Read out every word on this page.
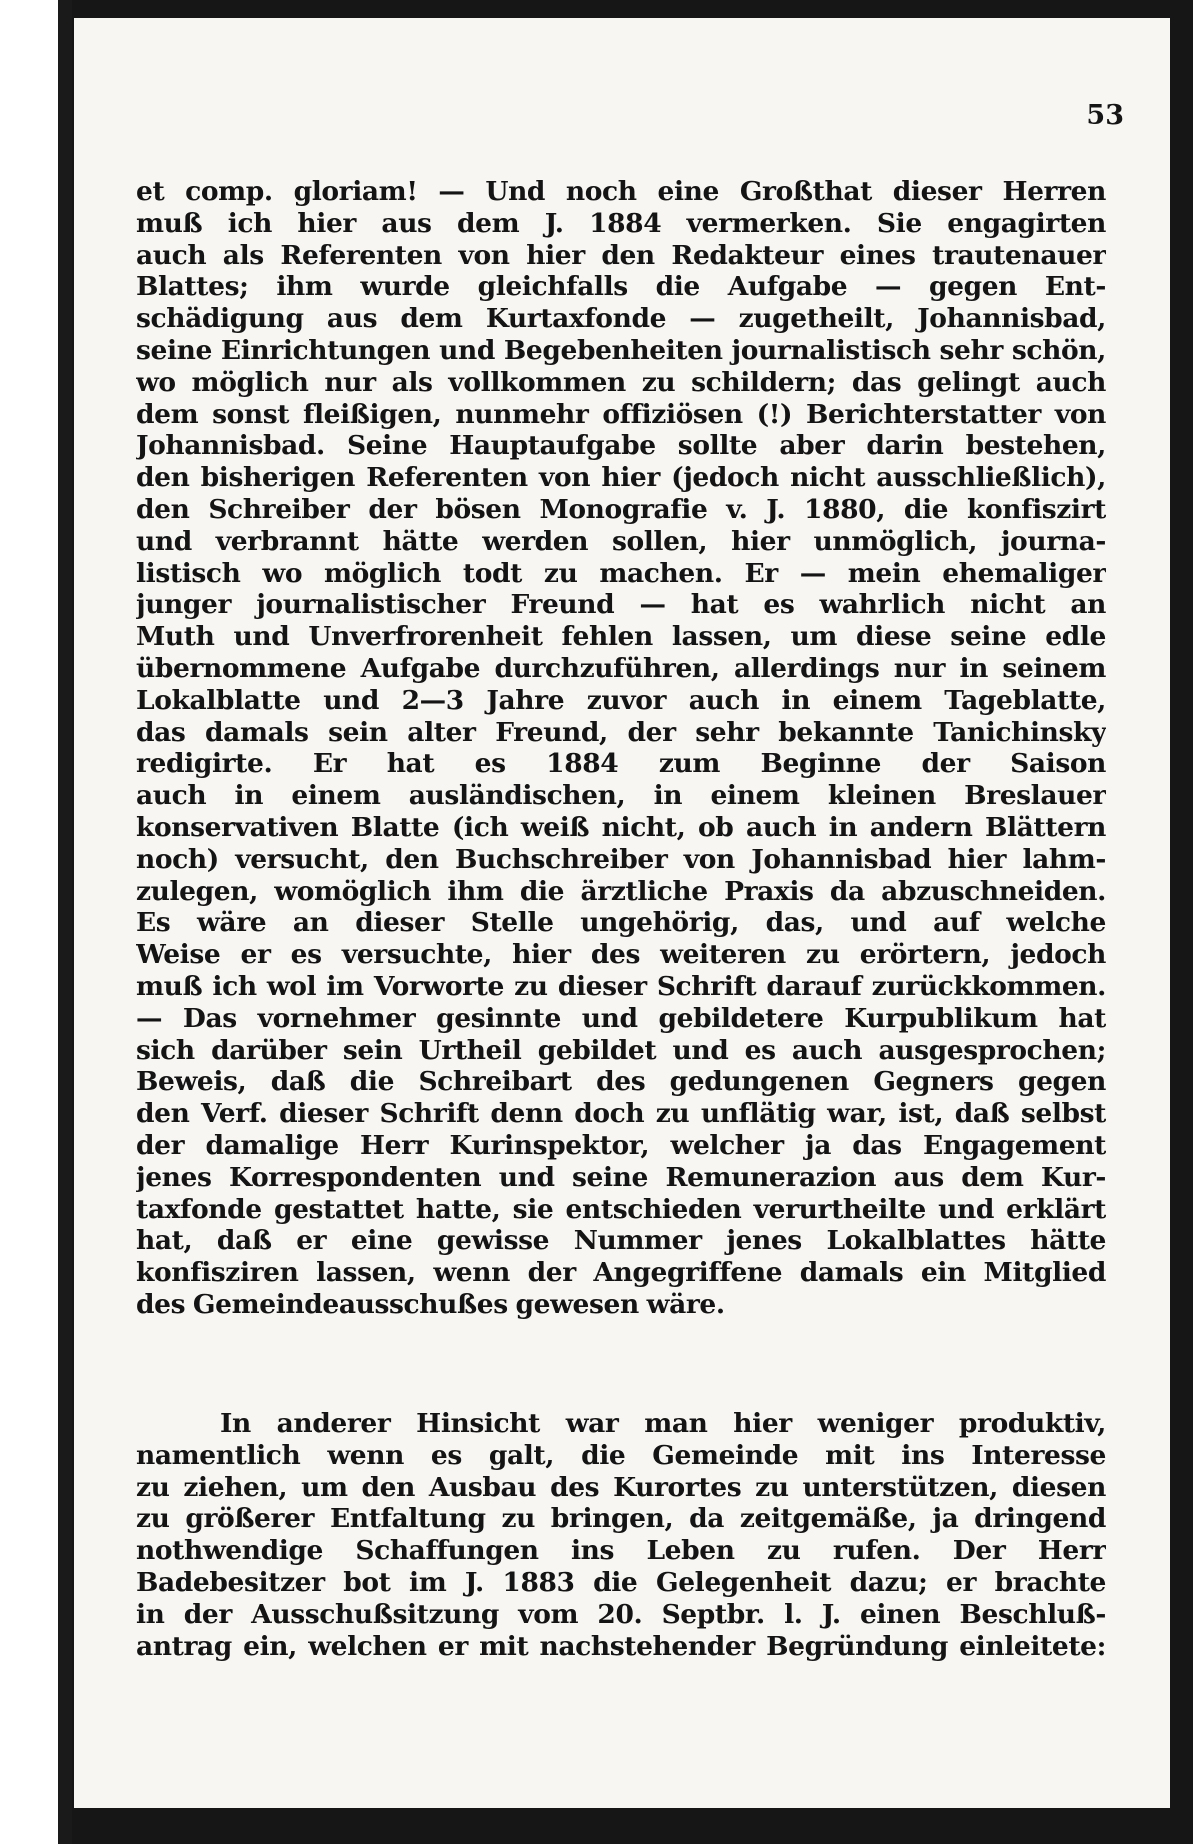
53
et comp. gloriam! — Und noch eine Großthat dieser Herren
muß ich hier aus dem J. 1884 vermerken. Sie engagirten
auch als Referenten von hier den Redakteur eines trautenauer
Blattes; ihm wurde gleichfalls die Aufgabe — gegen Ent-
schädigung aus dem Kurtaxfonde — zugetheilt, Johannisbad,
seine Einrichtungen und Begebenheiten journalistisch sehr schön,
wo möglich nur als vollkommen zu schildern; das gelingt auch
dem sonst fleißigen, nunmehr offiziösen (!) Berichterstatter von
Johannisbad. Seine Hauptaufgabe sollte aber darin bestehen,
den bisherigen Referenten von hier (jedoch nicht ausschließlich),
den Schreiber der bösen Monografie v. J. 1880, die konfiszirt
und verbrannt hätte werden sollen, hier unmöglich, journa-
listisch wo möglich todt zu machen. Er — mein ehemaliger
junger journalistischer Freund — hat es wahrlich nicht an
Muth und Unverfrorenheit fehlen lassen, um diese seine edle
übernommene Aufgabe durchzuführen, allerdings nur in seinem
Lokalblatte und 2—3 Jahre zuvor auch in einem Tageblatte,
das damals sein alter Freund, der sehr bekannte Tanichinsky
redigirte. Er hat es 1884 zum Beginne der Saison
auch in einem ausländischen, in einem kleinen Breslauer
konservativen Blatte (ich weiß nicht, ob auch in andern Blättern
noch) versucht, den Buchschreiber von Johannisbad hier lahm-
zulegen, womöglich ihm die ärztliche Praxis da abzuschneiden.
Es wäre an dieser Stelle ungehörig, das, und auf welche
Weise er es versuchte, hier des weiteren zu erörtern, jedoch
muß ich wol im Vorworte zu dieser Schrift darauf zurückkommen.
— Das vornehmer gesinnte und gebildetere Kurpublikum hat
sich darüber sein Urtheil gebildet und es auch ausgesprochen;
Beweis, daß die Schreibart des gedungenen Gegners gegen
den Verf. dieser Schrift denn doch zu unflätig war, ist, daß selbst
der damalige Herr Kurinspektor, welcher ja das Engagement
jenes Korrespondenten und seine Remunerazion aus dem Kur-
taxfonde gestattet hatte, sie entschieden verurtheilte und erklärt
hat, daß er eine gewisse Nummer jenes Lokalblattes hätte
konfisziren lassen, wenn der Angegriffene damals ein Mitglied
des Gemeindeausschußes gewesen wäre.
In anderer Hinsicht war man hier weniger produktiv,
namentlich wenn es galt, die Gemeinde mit ins Interesse
zu ziehen, um den Ausbau des Kurortes zu unterstützen, diesen
zu größerer Entfaltung zu bringen, da zeitgemäße, ja dringend
nothwendige Schaffungen ins Leben zu rufen. Der Herr
Badebesitzer bot im J. 1883 die Gelegenheit dazu; er brachte
in der Ausschußsitzung vom 20. Septbr. l. J. einen Beschluß-
antrag ein, welchen er mit nachstehender Begründung einleitete:
